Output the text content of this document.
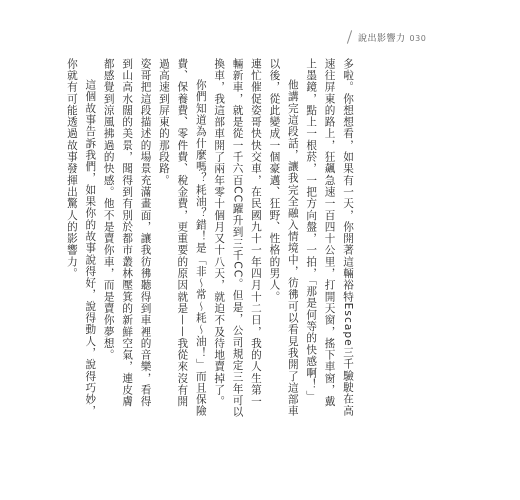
說出影響力 030

多啦。你想想看，如果有一天，你開著這輛裕特Escape三千驗駛在高速往屏東的路上，狂飆急速一百四十公里，打開天窗，搖下車窗，戴上墨鏡，點上一根菸，一把方向盤，一拍，「那是何等的快感啊！」

他講完這段話，讓我完全融入情境中，彷彿可以看見我開了這部車以後，從此變成一個豪邁、狂野、性格的男人。

連忙催促姿哥快快交車，在民國九十一年四月十二日，我的人生第一輛新車，就是從一千六百CC躍升到三千CC。但是，公司規定三年可以換車，我這部車開了兩年零十個月又十八天，就迫不及待地賣掉了。

你們知道為什麼嗎？耗油？錯！是「非～常～耗～油！」而且保險費、保養費、零件費、稅金費，更重要的原因就是——我從來沒有開過高速到屏東的那段路。

姿哥把這段描述的場景充滿畫面，讓我彷彿聽得到車裡的音樂，看得到山高水闊的美景，聞得到有別於都市叢林壓箕的新鮮空氣，連皮膚都感覺到涼風拂過的快感。他不是賣你車，而是賣你夢想。

這個故事告訴我們，如果你的故事說得好，說得動人，說得巧妙，你就有可能透過故事發揮出驚人的影響力。
